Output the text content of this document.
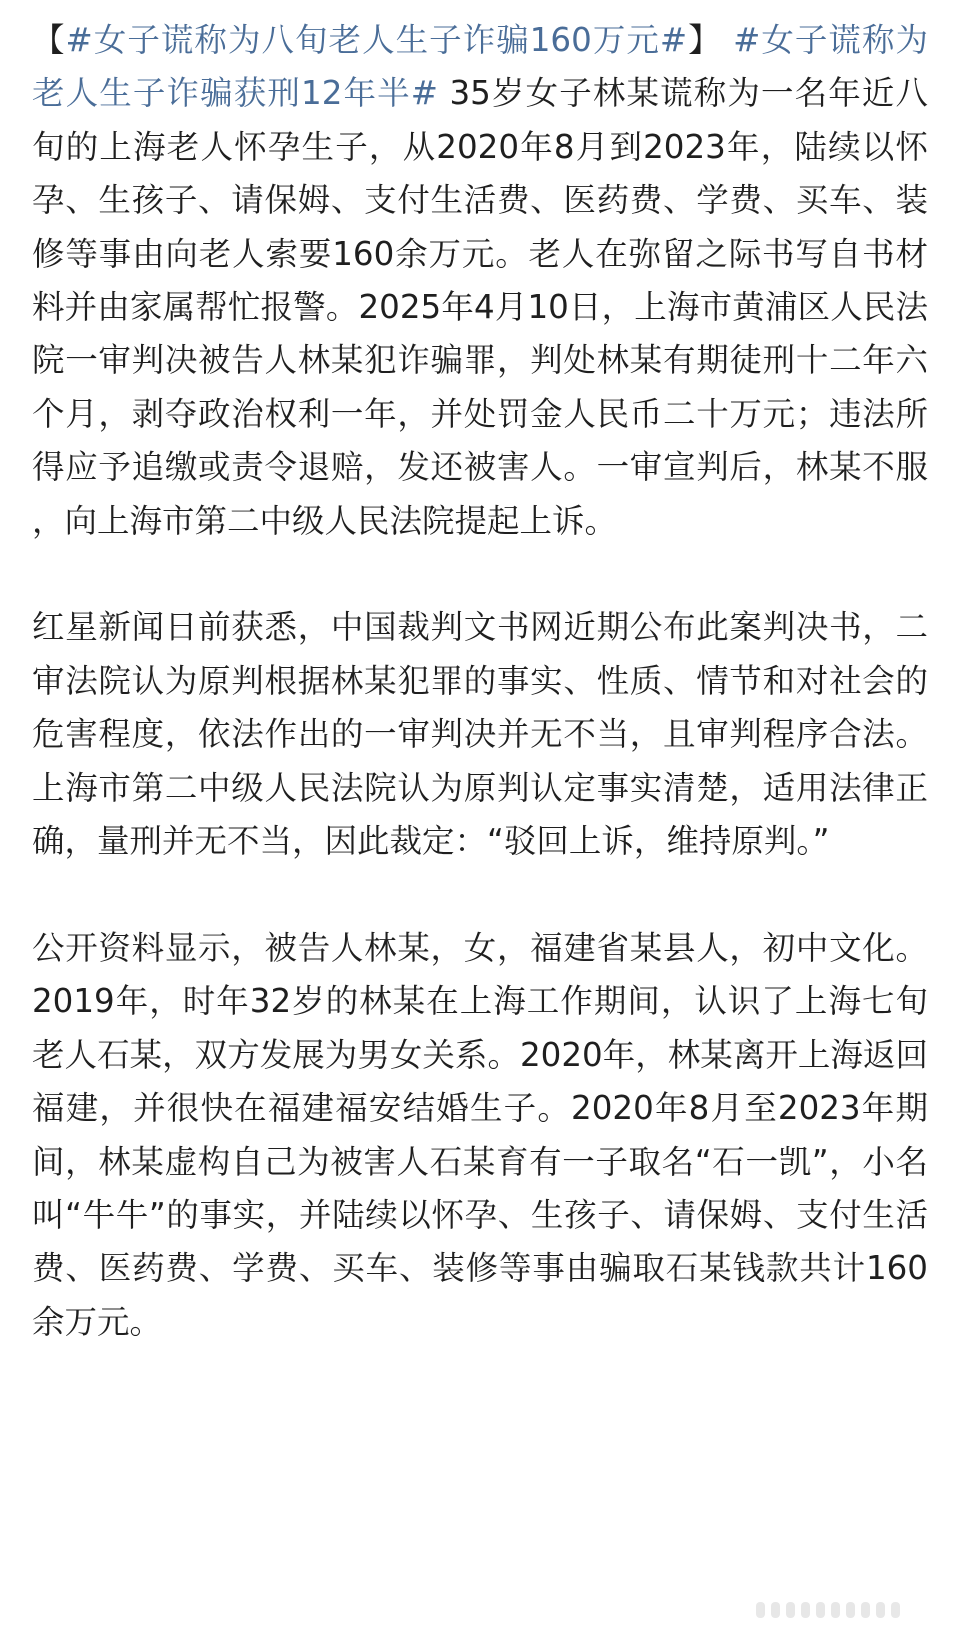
【#女子谎称为八旬老人生子诈骗160万元#】 #女子谎称为老人生子诈骗获刑12年半# 35岁女子林某谎称为一名年近八旬的上海老人怀孕生子，从2020年8月到2023年，陆续以怀孕、生孩子、请保姆、支付生活费、医药费、学费、买车、装修等事由向老人索要160余万元。老人在弥留之际书写自书材料并由家属帮忙报警。2025年4月10日，上海市黄浦区人民法院一审判决被告人林某犯诈骗罪，判处林某有期徒刑十二年六个月，剥夺政治权利一年，并处罚金人民币二十万元；违法所得应予追缴或责令退赔，发还被害人。一审宣判后，林某不服，向上海市第二中级人民法院提起上诉。

红星新闻日前获悉，中国裁判文书网近期公布此案判决书，二审法院认为原判根据林某犯罪的事实、性质、情节和对社会的危害程度，依法作出的一审判决并无不当，且审判程序合法。上海市第二中级人民法院认为原判认定事实清楚，适用法律正确，量刑并无不当，因此裁定：“驳回上诉，维持原判。”

公开资料显示，被告人林某，女，福建省某县人，初中文化。2019年，时年32岁的林某在上海工作期间，认识了上海七旬老人石某，双方发展为男女关系。2020年，林某离开上海返回福建，并很快在福建福安结婚生子。2020年8月至2023年期间，林某虚构自己为被害人石某育有一子取名“石一凯”，小名叫“牛牛”的事实，并陆续以怀孕、生孩子、请保姆、支付生活费、医药费、学费、买车、装修等事由骗取石某钱款共计160余万元。
